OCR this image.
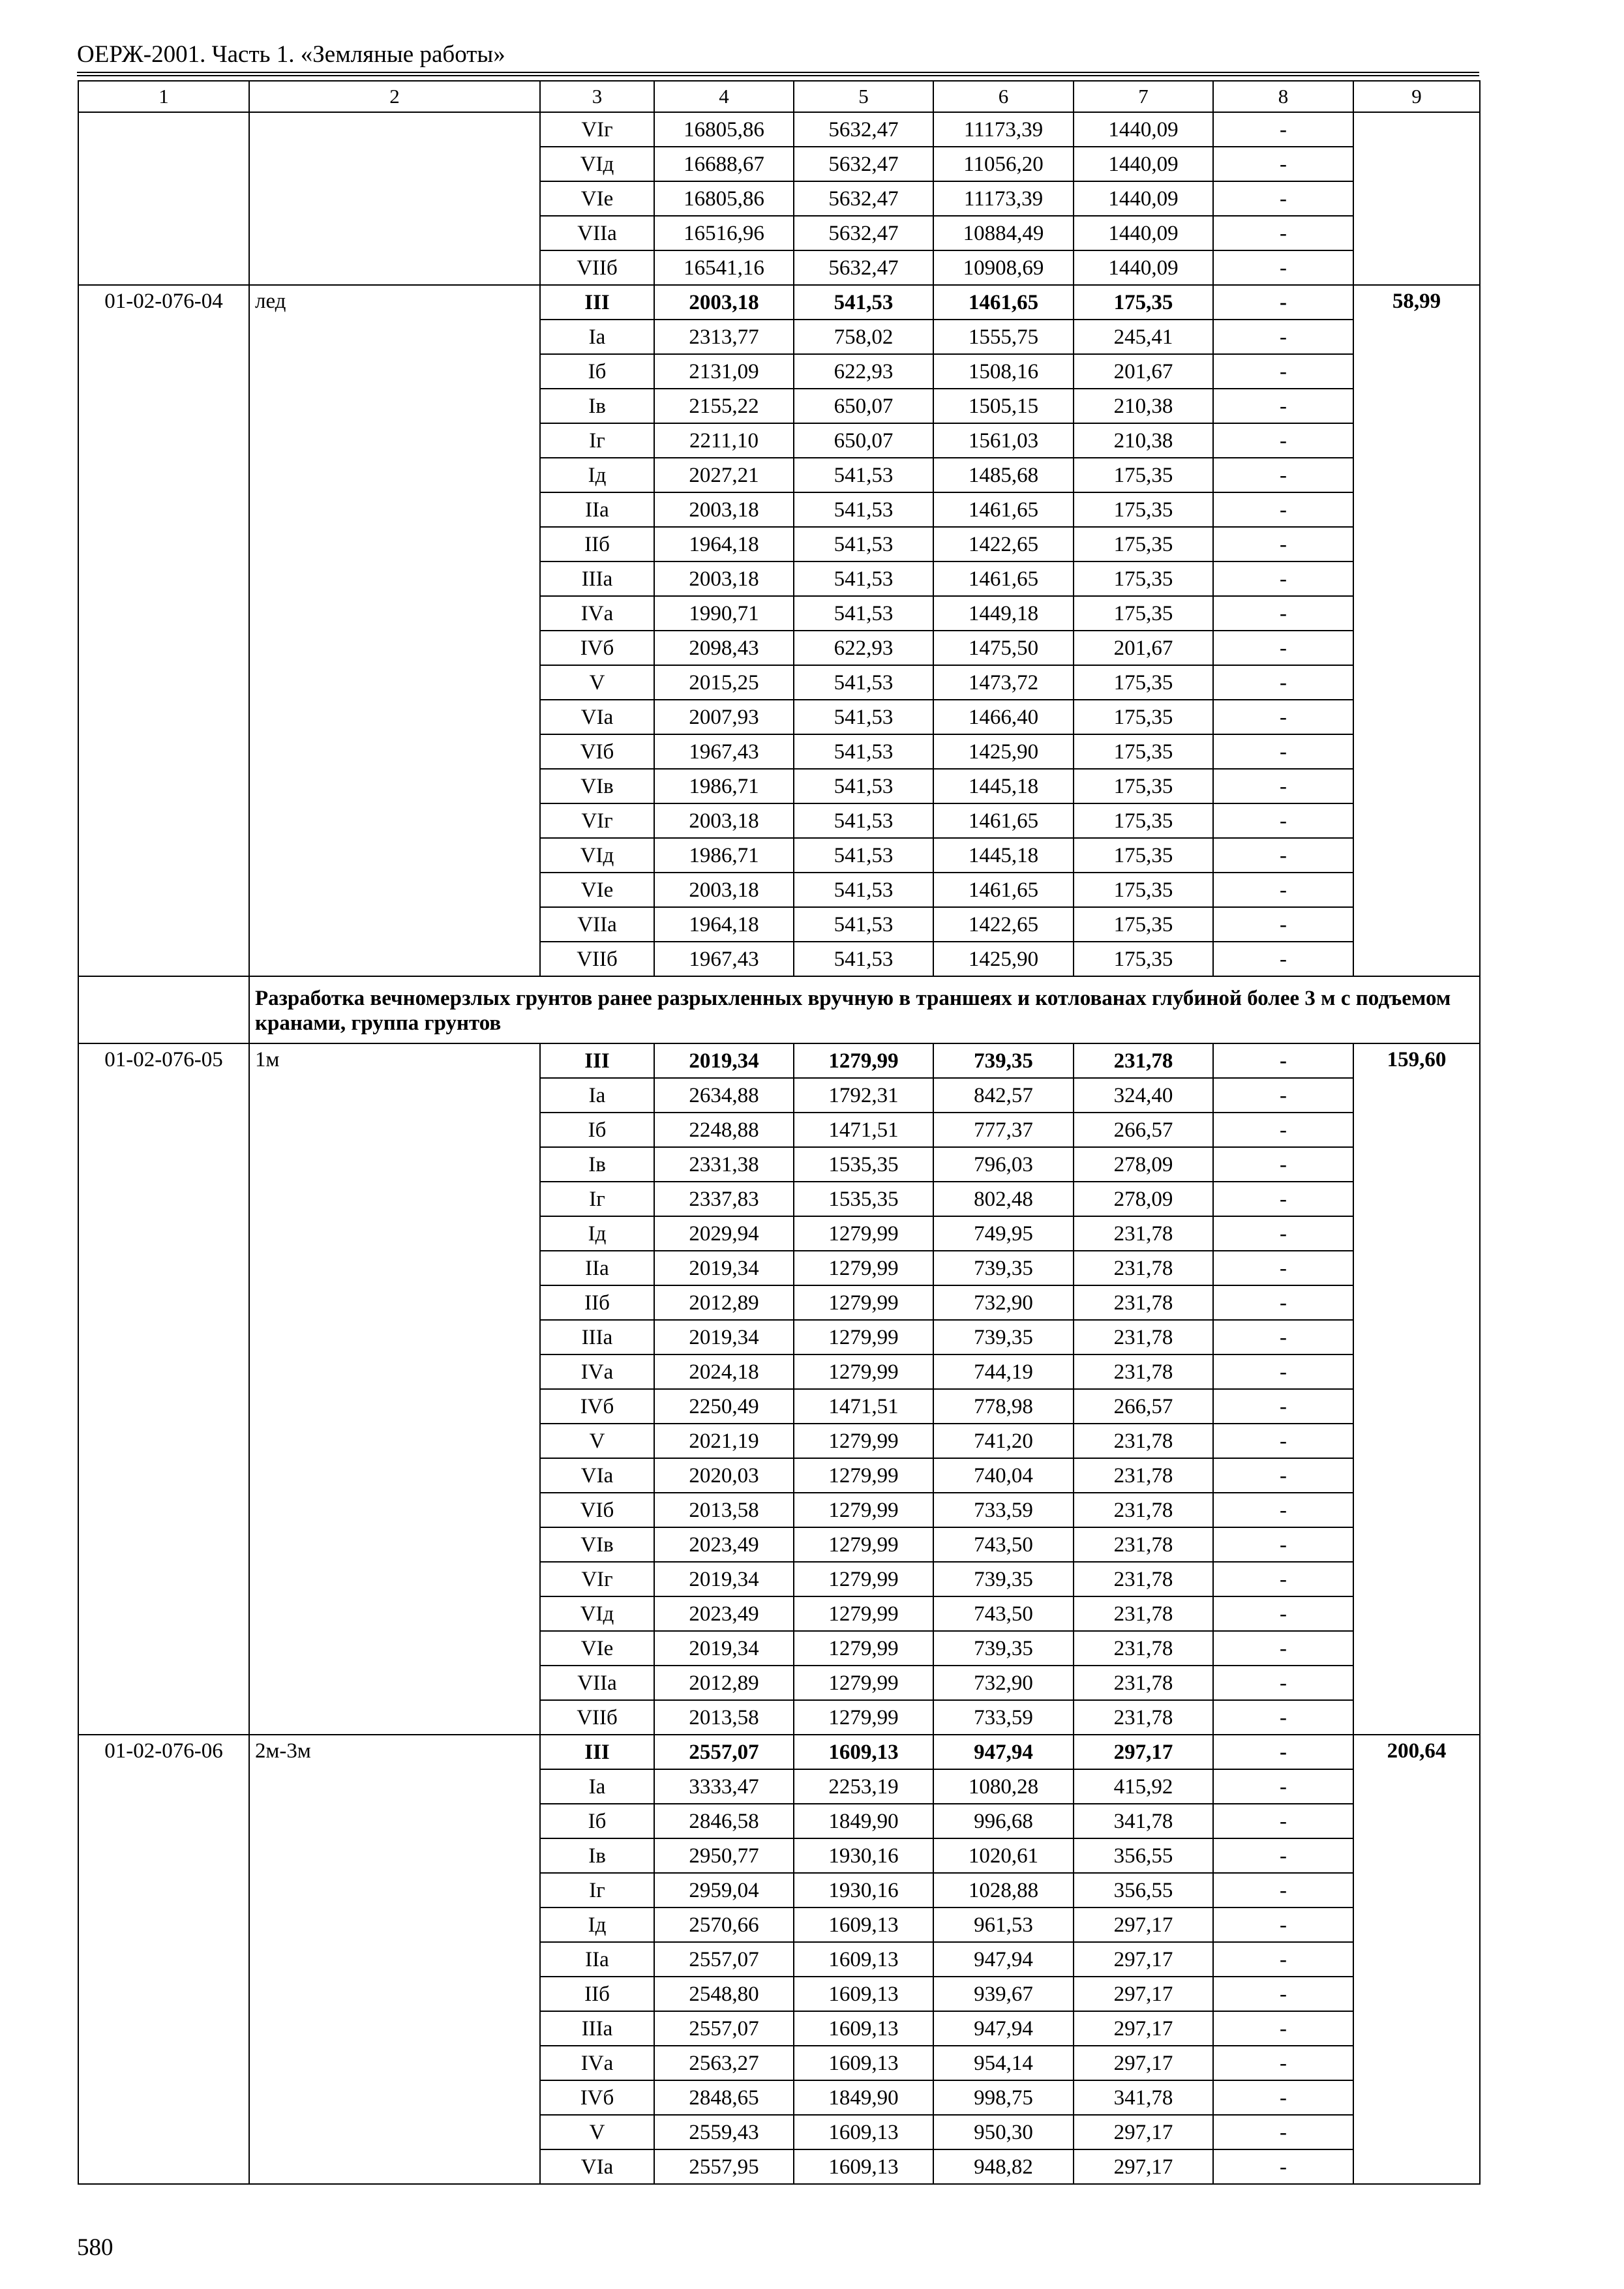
ОЕРЖ-2001. Часть 1. «Земляные работы»
1	2	3	4	5	6	7	8	9
		VIг	16805,86	5632,47	11173,39	1440,09	-	
		VIд	16688,67	5632,47	11056,20	1440,09	-	
		VIе	16805,86	5632,47	11173,39	1440,09	-	
		VIIа	16516,96	5632,47	10884,49	1440,09	-	
		VIIб	16541,16	5632,47	10908,69	1440,09	-	
01-02-076-04	лед	III	2003,18	541,53	1461,65	175,35	-	58,99
		Iа	2313,77	758,02	1555,75	245,41	-	
		Iб	2131,09	622,93	1508,16	201,67	-	
		Iв	2155,22	650,07	1505,15	210,38	-	
		Iг	2211,10	650,07	1561,03	210,38	-	
		Iд	2027,21	541,53	1485,68	175,35	-	
		IIа	2003,18	541,53	1461,65	175,35	-	
		IIб	1964,18	541,53	1422,65	175,35	-	
		IIIа	2003,18	541,53	1461,65	175,35	-	
		IVа	1990,71	541,53	1449,18	175,35	-	
		IVб	2098,43	622,93	1475,50	201,67	-	
		V	2015,25	541,53	1473,72	175,35	-	
		VIа	2007,93	541,53	1466,40	175,35	-	
		VIб	1967,43	541,53	1425,90	175,35	-	
		VIв	1986,71	541,53	1445,18	175,35	-	
		VIг	2003,18	541,53	1461,65	175,35	-	
		VIд	1986,71	541,53	1445,18	175,35	-	
		VIе	2003,18	541,53	1461,65	175,35	-	
		VIIа	1964,18	541,53	1422,65	175,35	-	
		VIIб	1967,43	541,53	1425,90	175,35	-	
	Разработка вечномерзлых грунтов ранее разрыхленных вручную в траншеях и котлованах глубиной более 3 м с подъемом кранами, группа грунтов							
01-02-076-05	1м	III	2019,34	1279,99	739,35	231,78	-	159,60
		Iа	2634,88	1792,31	842,57	324,40	-	
		Iб	2248,88	1471,51	777,37	266,57	-	
		Iв	2331,38	1535,35	796,03	278,09	-	
		Iг	2337,83	1535,35	802,48	278,09	-	
		Iд	2029,94	1279,99	749,95	231,78	-	
		IIа	2019,34	1279,99	739,35	231,78	-	
		IIб	2012,89	1279,99	732,90	231,78	-	
		IIIа	2019,34	1279,99	739,35	231,78	-	
		IVа	2024,18	1279,99	744,19	231,78	-	
		IVб	2250,49	1471,51	778,98	266,57	-	
		V	2021,19	1279,99	741,20	231,78	-	
		VIа	2020,03	1279,99	740,04	231,78	-	
		VIб	2013,58	1279,99	733,59	231,78	-	
		VIв	2023,49	1279,99	743,50	231,78	-	
		VIг	2019,34	1279,99	739,35	231,78	-	
		VIд	2023,49	1279,99	743,50	231,78	-	
		VIе	2019,34	1279,99	739,35	231,78	-	
		VIIа	2012,89	1279,99	732,90	231,78	-	
		VIIб	2013,58	1279,99	733,59	231,78	-	
01-02-076-06	2м-3м	III	2557,07	1609,13	947,94	297,17	-	200,64
		Iа	3333,47	2253,19	1080,28	415,92	-	
		Iб	2846,58	1849,90	996,68	341,78	-	
		Iв	2950,77	1930,16	1020,61	356,55	-	
		Iг	2959,04	1930,16	1028,88	356,55	-	
		Iд	2570,66	1609,13	961,53	297,17	-	
		IIа	2557,07	1609,13	947,94	297,17	-	
		IIб	2548,80	1609,13	939,67	297,17	-	
		IIIа	2557,07	1609,13	947,94	297,17	-	
		IVа	2563,27	1609,13	954,14	297,17	-	
		IVб	2848,65	1849,90	998,75	341,78	-	
		V	2559,43	1609,13	950,30	297,17	-	
		VIа	2557,95	1609,13	948,82	297,17	-	
580
